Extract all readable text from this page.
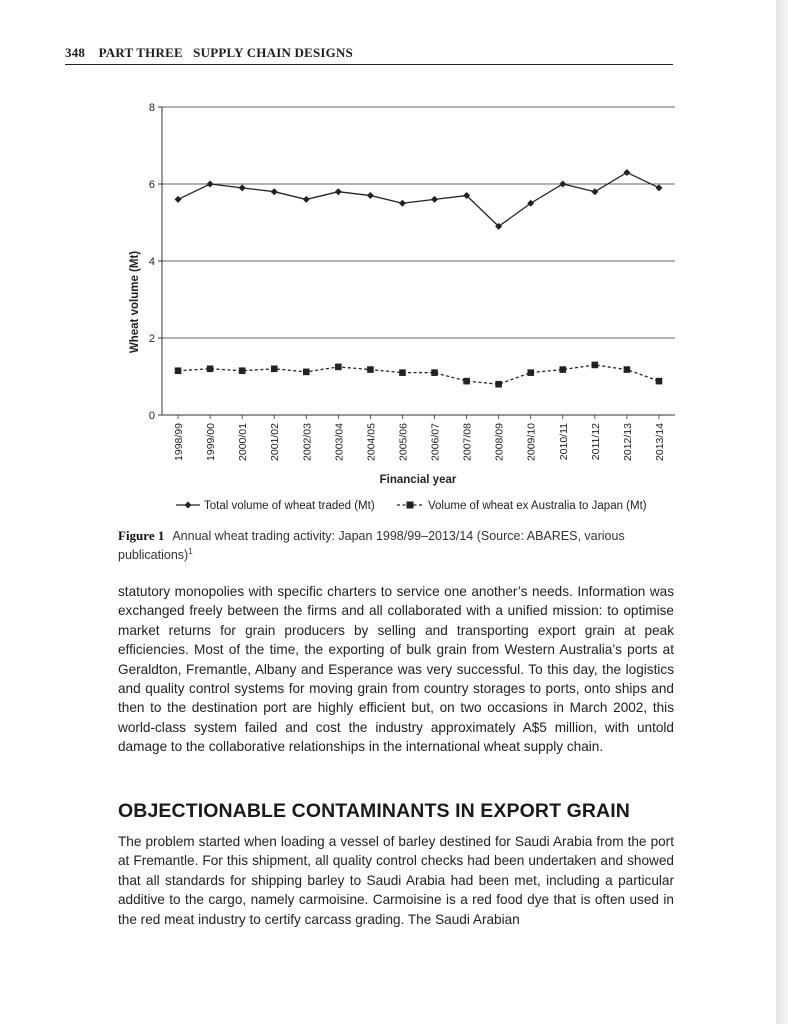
348 PART THREE   SUPPLY CHAIN DESIGNS
0
2
4
6
8
1998/99 1999/00 2000/01 2001/02 2002/03 2003/04 2004/05 2005/06 2006/07 2007/08 2008/09 2009/10 2010/11 2011/12 2012/13 2013/14
Wheat volume (Mt)
Financial year
Total volume of wheat traded (Mt)	Volume of wheat ex Australia to Japan (Mt)
Figure 1 Annual wheat trading activity: Japan 1998/99–2013/14 (Source: ABARES, various publications)$^1$

statutory monopolies with specific charters to service one another’s needs. Information was exchanged freely between the firms and all collaborated with a unified mission: to optimise market returns for grain producers by selling and transporting export grain at peak efficiencies. Most of the time, the exporting of bulk grain from Western Australia’s ports at Geraldton, Fremantle, Albany and Esperance was very successful. To this day, the logistics and quality control systems for moving grain from country storages to ports, onto ships and then to the destination port are highly efficient but, on two occasions in March 2002, this world-class system failed and cost the industry approximately A$5 million, with untold damage to the collaborative relationships in the international wheat supply chain.

OBJECTIONABLE CONTAMINANTS IN EXPORT GRAIN

The problem started when loading a vessel of barley destined for Saudi Arabia from the port at Fremantle. For this shipment, all quality control checks had been undertaken and showed that all standards for shipping barley to Saudi Arabia had been met, including a particular additive to the cargo, namely carmoisine. Carmoisine is a red food dye that is often used in the red meat industry to certify carcass grading. The Saudi Arabian
